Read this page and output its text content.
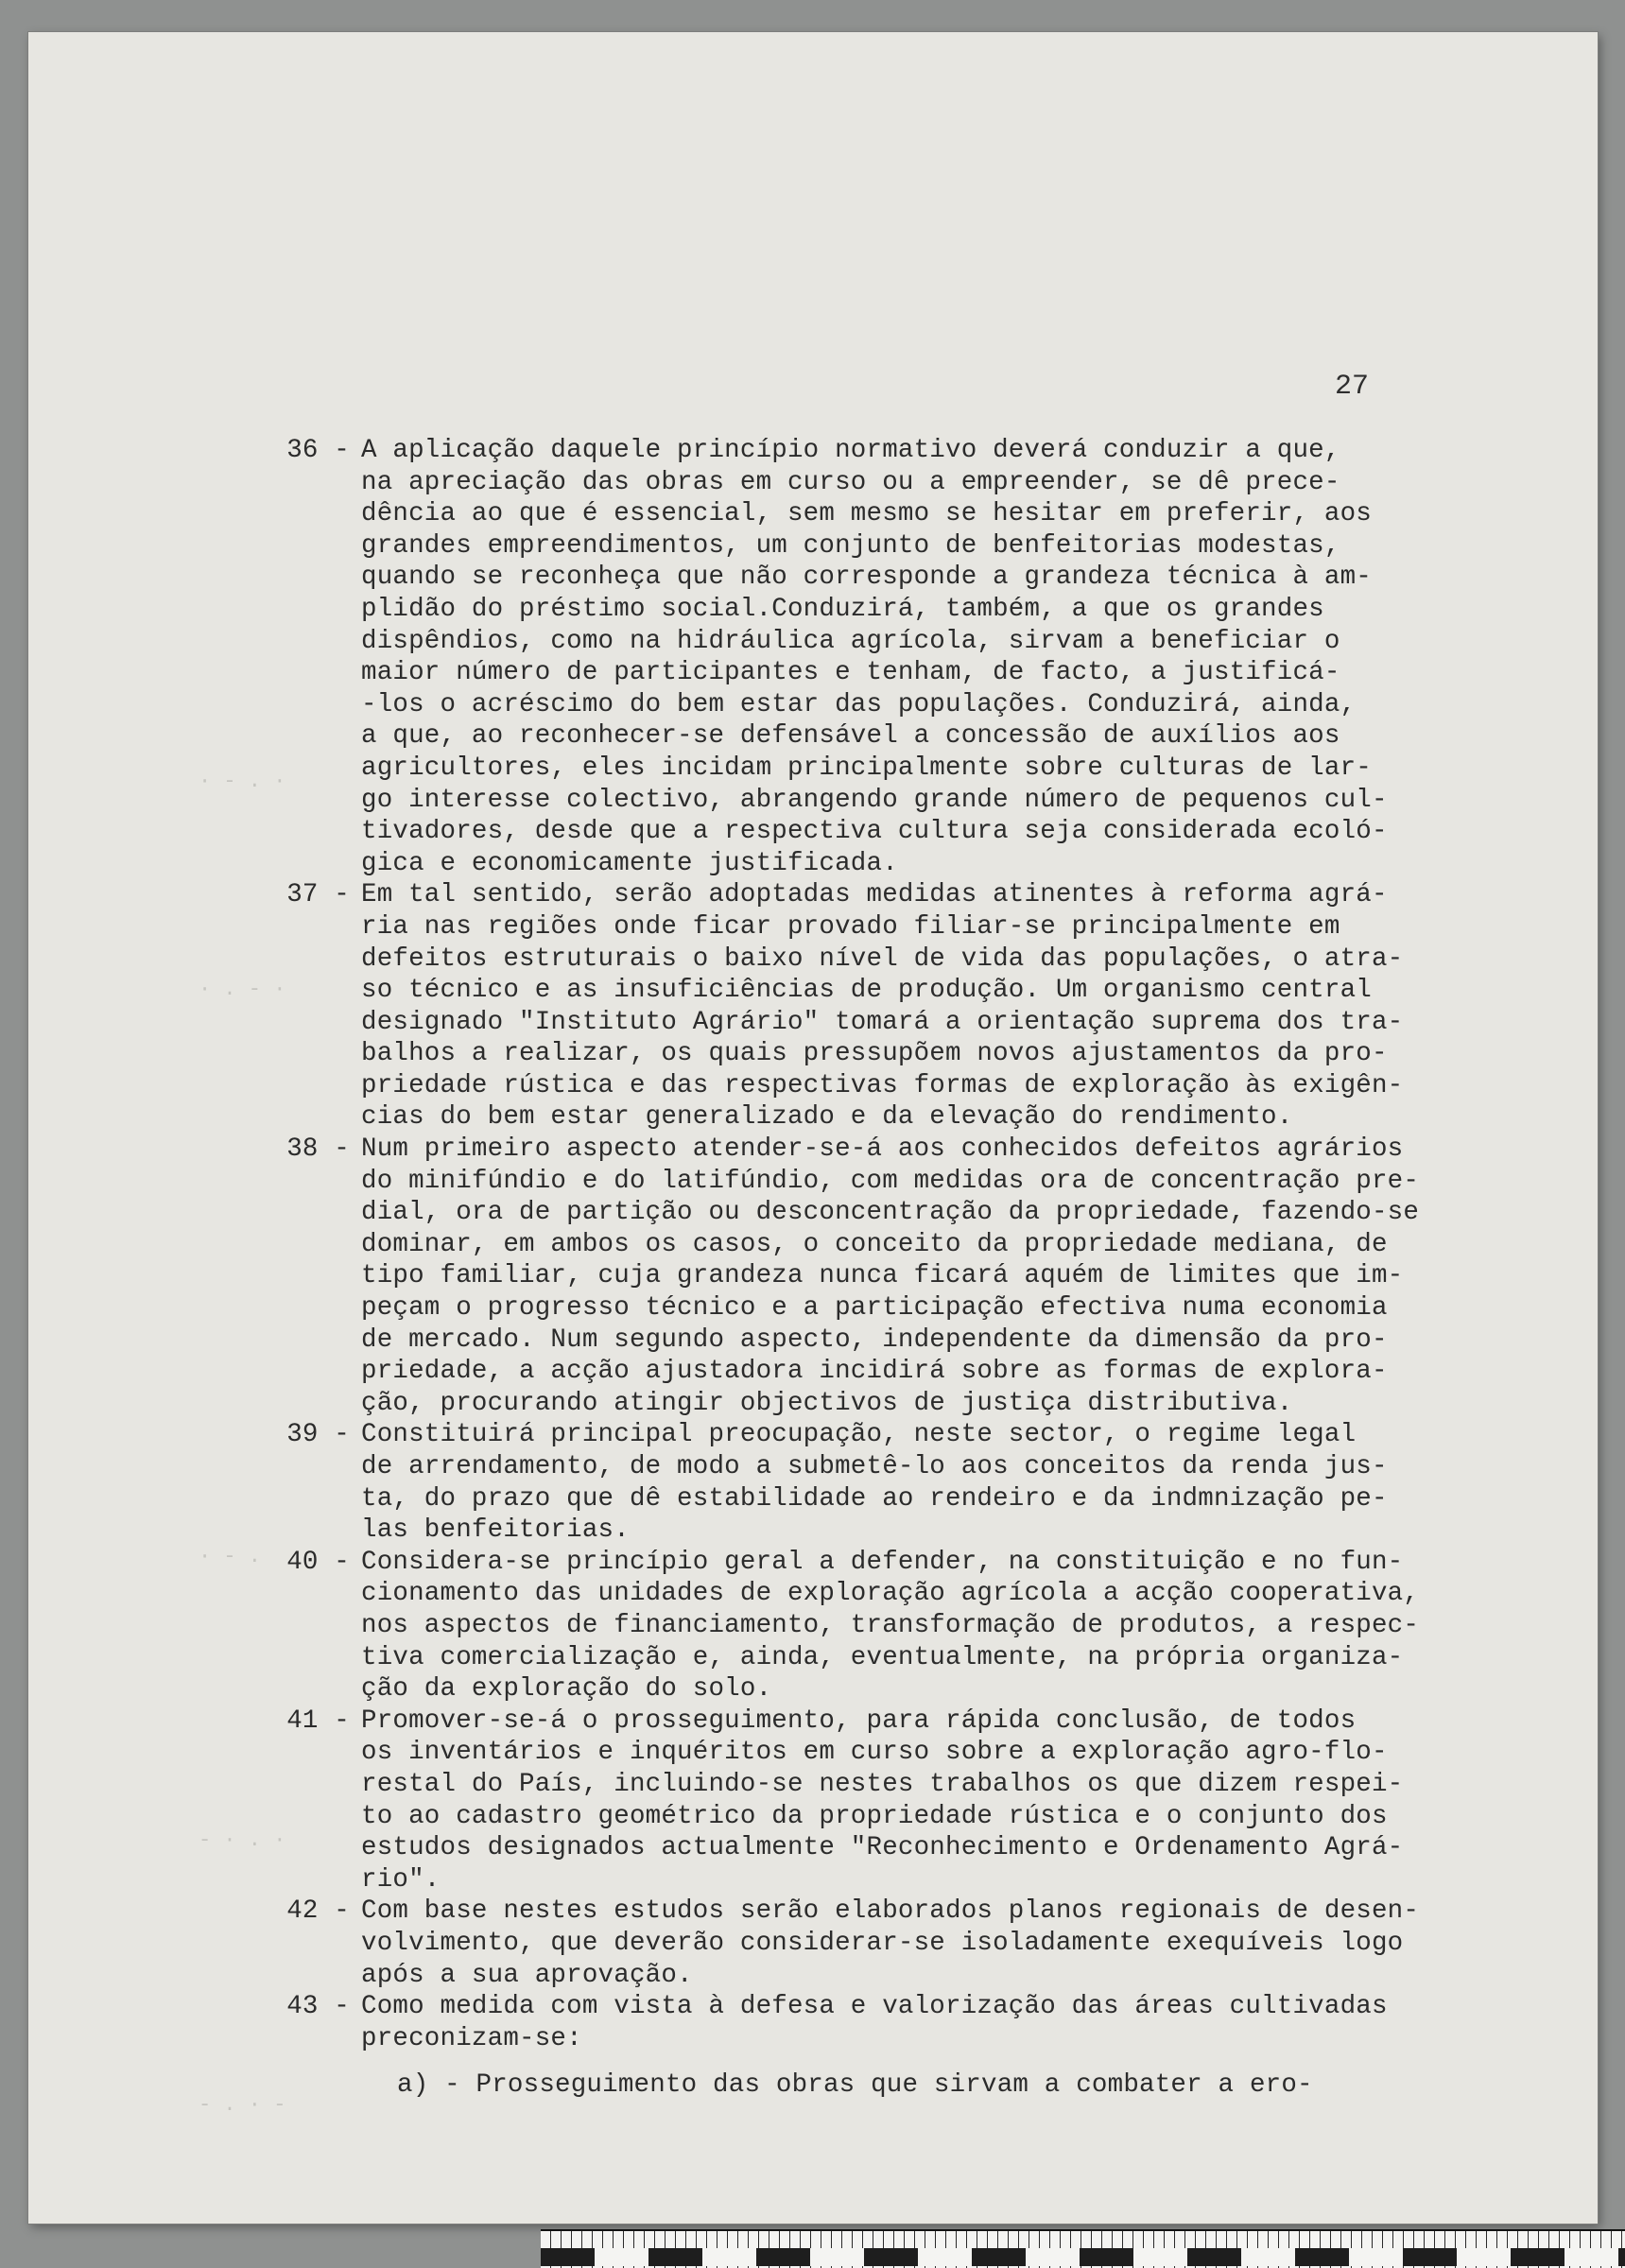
· - . ·
· . - ·
· - .
- · . ·
- . · -
27
36 - A aplicação daquele princípio normativo deverá conduzir a que,
na apreciação das obras em curso ou a empreender, se dê prece-
dência ao que é essencial, sem mesmo se hesitar em preferir, aos
grandes empreendimentos, um conjunto de benfeitorias modestas,
quando se reconheça que não corresponde a grandeza técnica à am-
plidão do préstimo social.Conduzirá, também, a que os grandes
dispêndios, como na hidráulica agrícola, sirvam a beneficiar o
maior número de participantes e tenham, de facto, a justificá-
-los o acréscimo do bem estar das populações. Conduzirá, ainda,
a que, ao reconhecer-se defensável a concessão de auxílios aos
agricultores, eles incidam principalmente sobre culturas de lar-
go interesse colectivo, abrangendo grande número de pequenos cul-
tivadores, desde que a respectiva cultura seja considerada ecoló-
gica e economicamente justificada.
37 - Em tal sentido, serão adoptadas medidas atinentes à reforma agrá-
ria nas regiões onde ficar provado filiar-se principalmente em
defeitos estruturais o baixo nível de vida das populações, o atra-
so técnico e as insuficiências de produção. Um organismo central
designado "Instituto Agrário" tomará a orientação suprema dos tra-
balhos a realizar, os quais pressupõem novos ajustamentos da pro-
priedade rústica e das respectivas formas de exploração às exigên-
cias do bem estar generalizado e da elevação do rendimento.
38 - Num primeiro aspecto atender-se-á aos conhecidos defeitos agrários
do minifúndio e do latifúndio, com medidas ora de concentração pre-
dial, ora de partição ou desconcentração da propriedade, fazendo-se
dominar, em ambos os casos, o conceito da propriedade mediana, de
tipo familiar, cuja grandeza nunca ficará aquém de limites que im-
peçam o progresso técnico e a participação efectiva numa economia
de mercado. Num segundo aspecto, independente da dimensão da pro-
priedade, a acção ajustadora incidirá sobre as formas de explora-
ção, procurando atingir objectivos de justiça distributiva.
39 - Constituirá principal preocupação, neste sector, o regime legal
de arrendamento, de modo a submetê-lo aos conceitos da renda jus-
ta, do prazo que dê estabilidade ao rendeiro e da indmnização pe-
las benfeitorias.
40 - Considera-se princípio geral a defender, na constituição e no fun-
cionamento das unidades de exploração agrícola a acção cooperativa,
nos aspectos de financiamento, transformação de produtos, a respec-
tiva comercialização e, ainda, eventualmente, na própria organiza-
ção da exploração do solo.
41 - Promover-se-á o prosseguimento, para rápida conclusão, de todos
os inventários e inquéritos em curso sobre a exploração agro-flo-
restal do País, incluindo-se nestes trabalhos os que dizem respei-
to ao cadastro geométrico da propriedade rústica e o conjunto dos
estudos designados actualmente "Reconhecimento e Ordenamento Agrá-
rio".
42 - Com base nestes estudos serão elaborados planos regionais de desen-
volvimento, que deverão considerar-se isoladamente exequíveis logo
após a sua aprovação.
43 - Como medida com vista à defesa e valorização das áreas cultivadas
preconizam-se:
a) - Prosseguimento das obras que sirvam a combater a ero-
